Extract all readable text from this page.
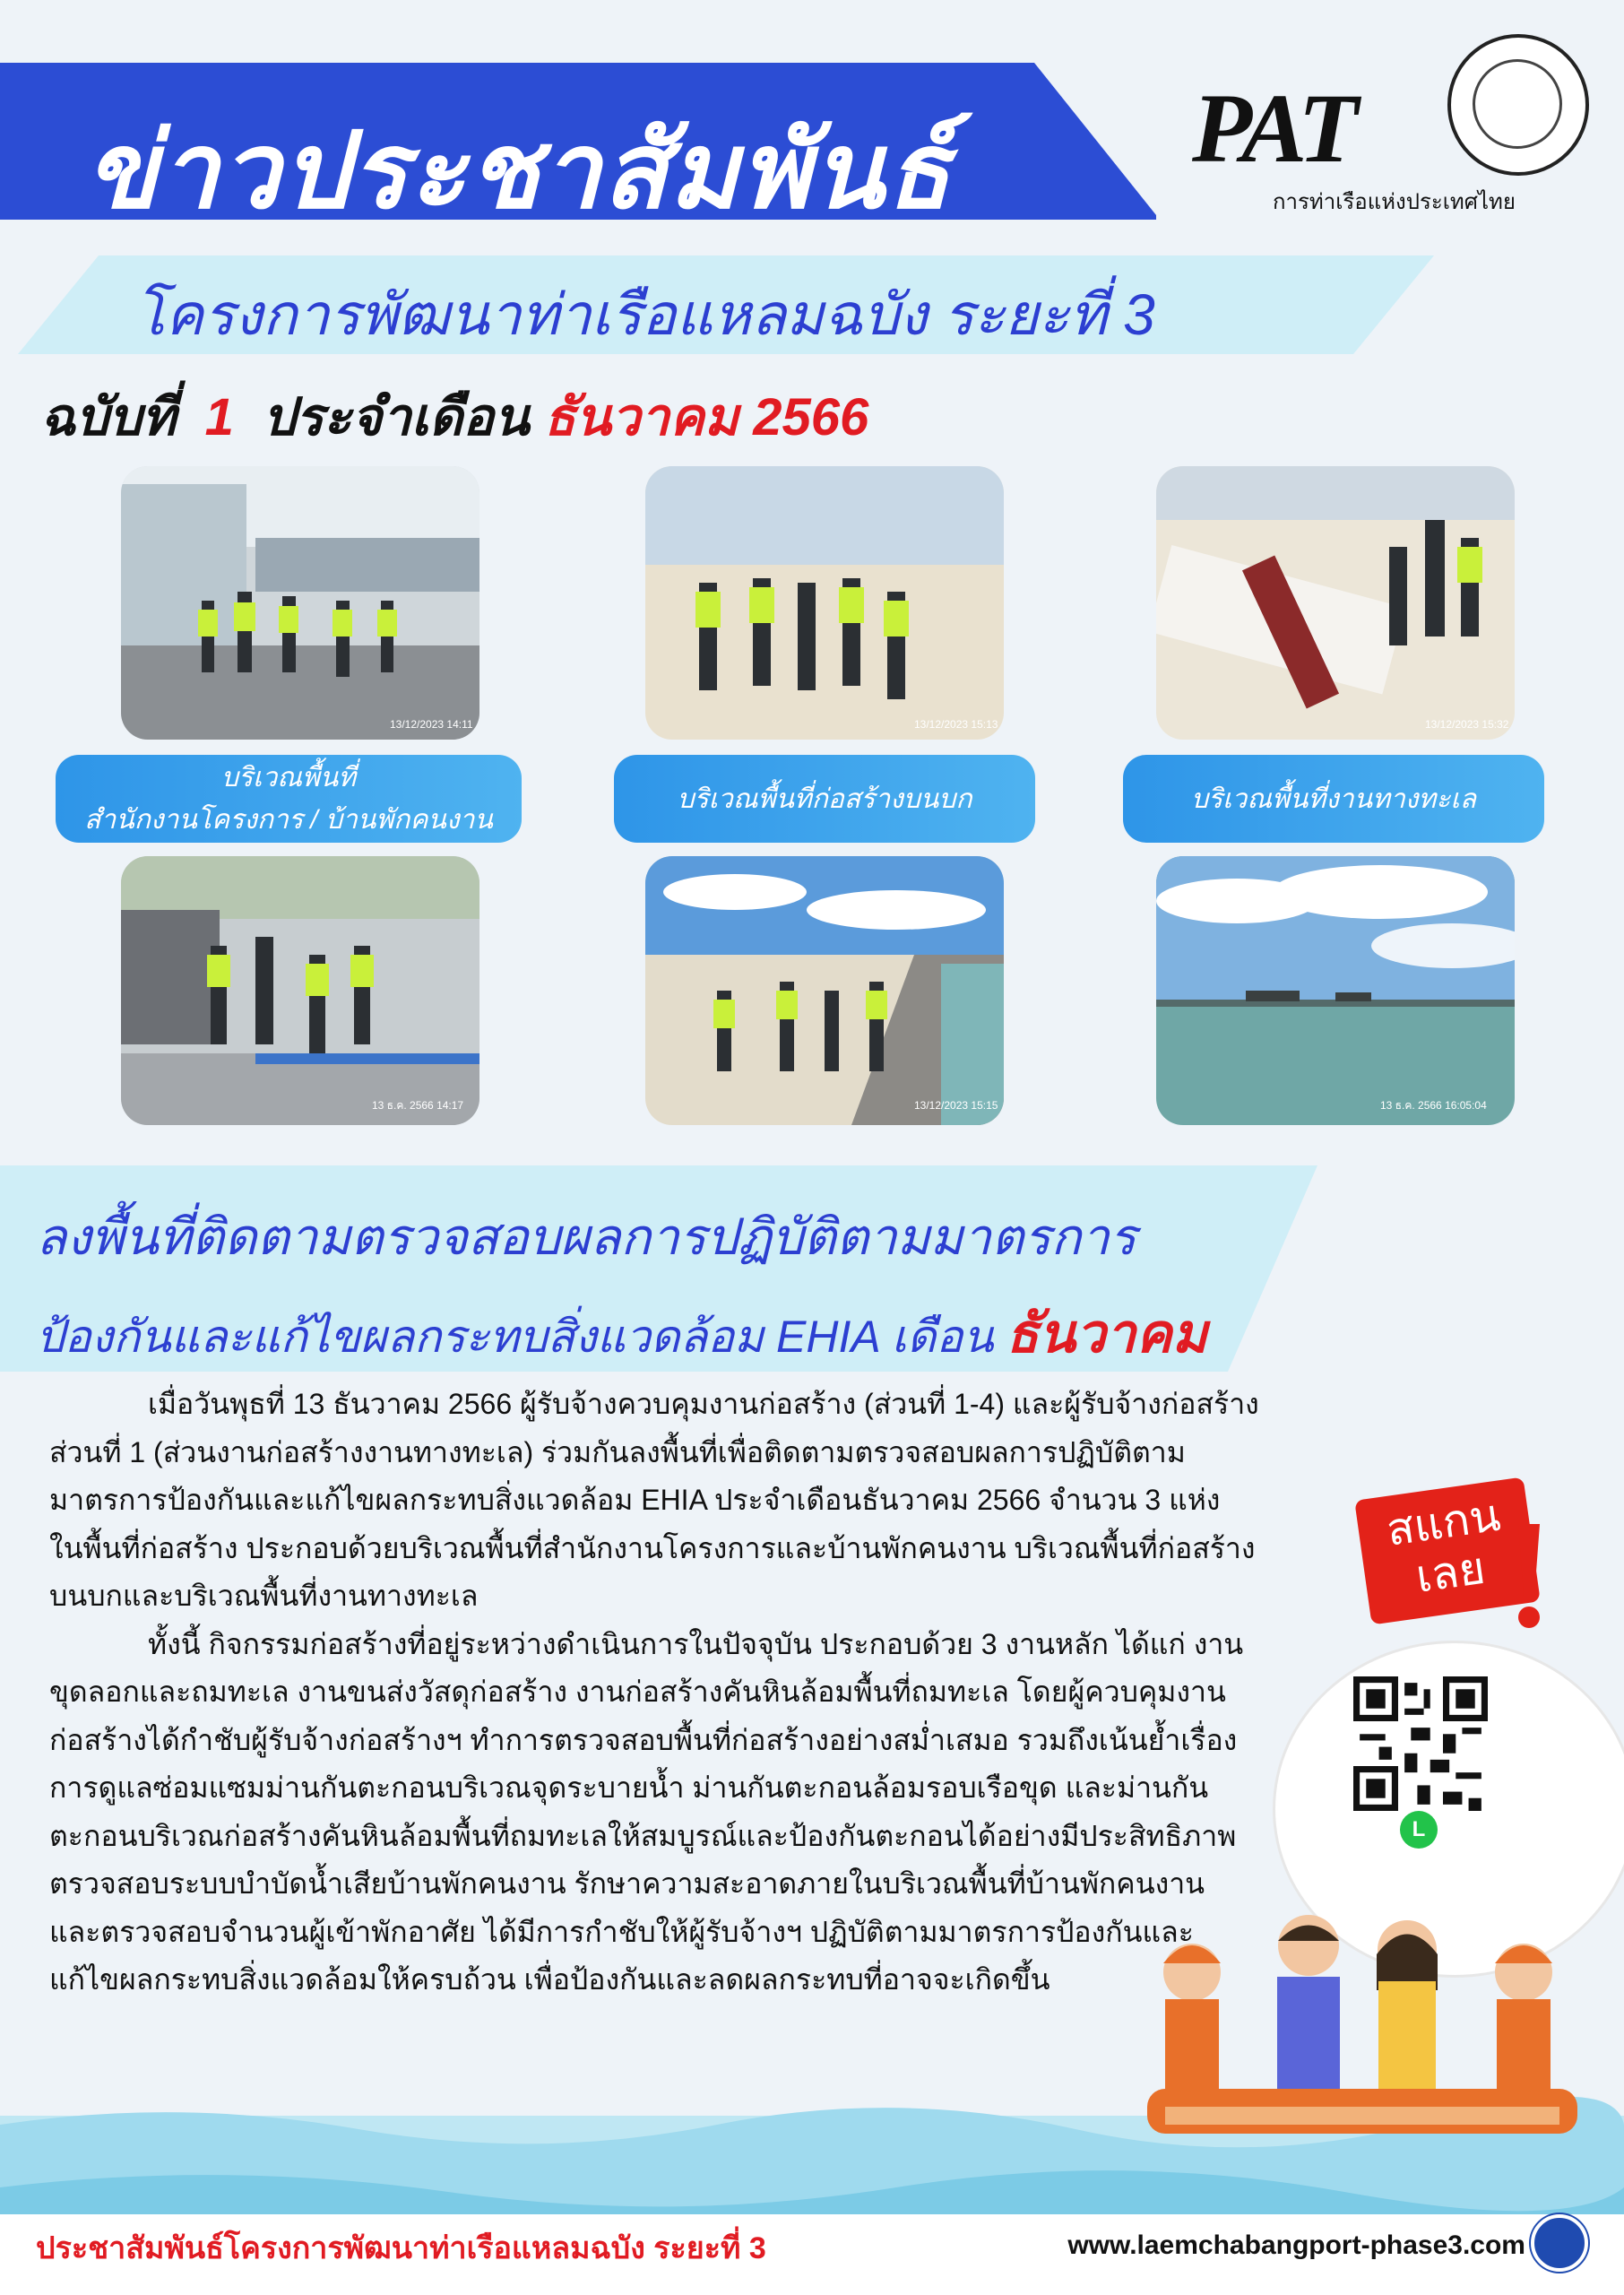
ข่าวประชาสัมพันธ์
โครงการพัฒนาท่าเรือแหลมฉบัง ระยะที่ 3
ฉบับที่ 1 ประจำเดือน ธันวาคม 2566
PAT
การท่าเรือแห่งประเทศไทย
13/12/2023 14:11	13/12/2023 15:13	13/12/2023 15:32
บริเวณพื้นที่
สำนักงานโครงการ / บ้านพักคนงาน
บริเวณพื้นที่ก่อสร้างบนบก	บริเวณพื้นที่งานทางทะเล
13 ธ.ค. 2566 14:17	13/12/2023 15:15	13 ธ.ค. 2566 16:05:04
ลงพื้นที่ติดตามตรวจสอบผลการปฏิบัติตามมาตรการ
ป้องกันและแก้ไขผลกระทบสิ่งแวดล้อม EHIA เดือน ธันวาคม

เมื่อวันพุธที่ 13 ธันวาคม 2566 ผู้รับจ้างควบคุมงานก่อสร้าง (ส่วนที่ 1-4) และผู้รับจ้างก่อสร้างส่วนที่ 1 (ส่วนงานก่อสร้างงานทางทะเล) ร่วมกันลงพื้นที่เพื่อติดตามตรวจสอบผลการปฏิบัติตามมาตรการป้องกันและแก้ไขผลกระทบสิ่งแวดล้อม EHIA ประจำเดือนธันวาคม 2566 จำนวน 3 แห่ง ในพื้นที่ก่อสร้าง ประกอบด้วยบริเวณพื้นที่สำนักงานโครงการและบ้านพักคนงาน บริเวณพื้นที่ก่อสร้างบนบกและบริเวณพื้นที่งานทางทะเล

ทั้งนี้ กิจกรรมก่อสร้างที่อยู่ระหว่างดำเนินการในปัจจุบัน ประกอบด้วย 3 งานหลัก ได้แก่ งานขุดลอกและถมทะเล งานขนส่งวัสดุก่อสร้าง งานก่อสร้างคันหินล้อมพื้นที่ถมทะเล โดยผู้ควบคุมงานก่อสร้างได้กำชับผู้รับจ้างก่อสร้างฯ ทำการตรวจสอบพื้นที่ก่อสร้างอย่างสม่ำเสมอ รวมถึงเน้นย้ำเรื่องการดูแลซ่อมแซมม่านกันตะกอนบริเวณจุดระบายน้ำ ม่านกันตะกอนล้อมรอบเรือขุด และม่านกันตะกอนบริเวณก่อสร้างคันหินล้อมพื้นที่ถมทะเลให้สมบูรณ์และป้องกันตะกอนได้อย่างมีประสิทธิภาพ ตรวจสอบระบบบำบัดน้ำเสียบ้านพักคนงาน รักษาความสะอาดภายในบริเวณพื้นที่บ้านพักคนงาน และตรวจสอบจำนวนผู้เข้าพักอาศัย ได้มีการกำชับให้ผู้รับจ้างฯ ปฏิบัติตามมาตรการป้องกันและแก้ไขผลกระทบสิ่งแวดล้อมให้ครบถ้วน เพื่อป้องกันและลดผลกระทบที่อาจจะเกิดขึ้น

สแกน
เลย
L
ประชาสัมพันธ์โครงการพัฒนาท่าเรือแหลมฉบัง ระยะที่ 3	www.laemchabangport-phase3.com
